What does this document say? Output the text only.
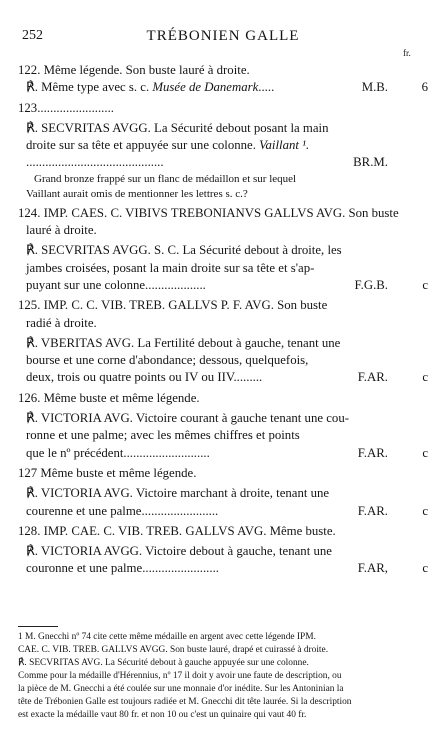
252	TRÉBONIEN GALLE
fr.
122. Même légende. Son buste lauré à droite.
℟. Même type avec s. c. Musée de Danemark.....	M.B.	6
123........................
℟. SECVRITAS AVGG. La Sécurité debout posant la main
droite sur sa tête et appuyée sur une colonne. Vaillant ¹.
...........................................	BR.M.
Grand bronze frappé sur un flanc de médaillon et sur lequel
Vaillant aurait omis de mentionner les lettres s. c.?
124. IMP. CAES. C. VIBIVS TREBONIANVS GALLVS AVG. Son buste
lauré à droite.
℟. SECVRITAS AVGG. S. C. La Sécurité debout à droite, les
jambes croisées, posant la main droite sur sa tête et s'ap-
puyant sur une colonne...................	F.G.B.	c
125. IMP. C. C. VIB. TREB. GALLVS P. F. AVG. Son buste
radié à droite.
℟. VBERITAS AVG. La Fertilité debout à gauche, tenant une
bourse et une corne d'abondance; dessous, quelquefois,
deux, trois ou quatre points ou IV ou IIV.........	F.AR.	c
126. Même buste et même légende.
℟. VICTORIA AVG. Victoire courant à gauche tenant une cou-
ronne et une palme; avec les mêmes chiffres et points
que le nº précédent...........................	F.AR.	c
127 Même buste et même légende.
℟. VICTORIA AVG. Victoire marchant à droite, tenant une
courenne et une palme........................	F.AR.	c
128. IMP. CAE. C. VIB. TREB. GALLVS AVG. Même buste.
℟. VICTORIA AVGG. Victoire debout à gauche, tenant une
couronne et une palme........................	F.AR,	c
1 M. Gnecchi nº 74 cite cette même médaille en argent avec cette légende IPM.
CAE. C. VIB. TREB. GALLVS AVGG. Son buste lauré, drapé et cuirassé à droite.
℟. SECVRITAS AVG. La Sécurité debout à gauche appuyée sur une colonne.
Comme pour la médaille d'Hérennius, nº 17 il doit y avoir une faute de description, ou
la pièce de M. Gnecchi a été coulée sur une monnaie d'or inédite. Sur les Antoninian la
tête de Trébonien Galle est toujours radiée et M. Gnecchi dit tête laurée. Si la description
est exacte la médaille vaut 80 fr. et non 10 ou c'est un quinaire qui vaut 40 fr.
